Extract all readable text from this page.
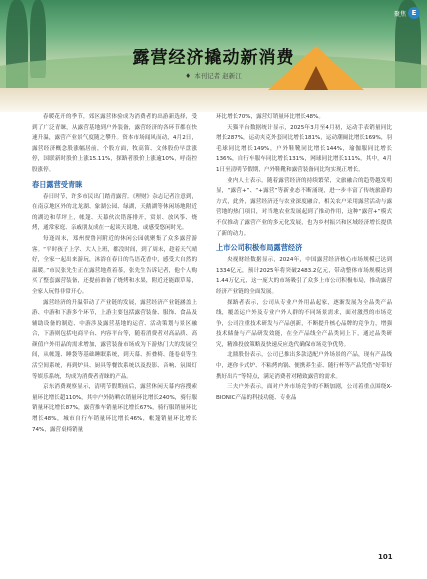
聚焦 E
露营经济撬动新消费
♦ 本刊记者 赵新江

春暖花开的季节，郊区露营体验成为消费者的出游新选择，受到了广泛青睐，从露营基地到户外装备，露营经济的各环节都在快速升温，露营产业景气度随之攀升。资本市场闻风而动，4月2日，露营经济概念股涨幅居前，个股方面，牧高笛、文体股份早盘涨停，国联新时股价上涨15.11%，探路者股价上涨逾10%，呼南控股涨停。

春日露营受青睐

春日时节，许多市民出门踏青露营。《理财》杂志记者注意到，在南京地区外的北龙湖、象湖公园、绿湖，天鹅湖等休闲场地附近的湖边和草坪上，帐篷、天幕伙次错落排开，赏景、放风筝、烧烤，通常家庭、亲戚朋友成在一起谈天说地，或感受悠闲时光。

每逢周末，郑州贾鲁河附近的休闲公园就聚集了众多露营游客。“平时孩子上学、大人上班，都没时间，到了周末，趁着天气晴好，全家一起出来游玩，沐浴在春日的鸟语花香中，感受大自然的温暖。”市民张先生正在露营地煮着茶，张先生告诉记者，他个人购买了整套露营装备，还提前准备了烧烤和水果，附近还能跟草莓，全家人玩得非常开心。

露营经济的升温带动了产业链的发展，露营经济产业链涵盖上游、中游和下游多个环节，上游主要包括露营装备、服饰、食品及辅助设备的制造、中游涉及露营基地的运营、活动策划与景区融合，下游则包括电商平台、内容平台等，随着消费者对高品质、高颜值户外用品的需求增加，露营装备市场成为下游热门大的发展空间，从帐篷、睡袋等基础睡眠系统，到天幕、折叠椅、蓬卷桌等生活空间系统，再到炉具、厨具等餐饮系统以及投影、音响、氛围灯等娱乐系统，均成为消费者青睐的产品。

京东消费观察显示，清明节假期前后，露营休闲天幕内容搜索量环比增长超110%，其中户外防晒衣销量环比增长240%，骑行服销量环比增长87%，露营推车销量环比增长67%，骑行服销量环比增长48%，城市自行车销量环比增长46%，帐篷销量环比增长74%，露营桌椅销量

环比增长70%，露营灯销量环比增长48%。

天猫平台数据统计显示，2025年3月至4月初，运动手表销量同比增长287%，运动夹克外套同比增长181%，运动潮阔比增长169%，羽毛球同比增长149%，户外鞋靴同比增长144%，瑜伽服同比增长136%，自行车服车同比增长131%，网球同比增长111%，其中，4月1日至清明节假期，户外鞋靴和露营装备同比均实现正增长。

业内人士表示，随着露营经济的持续繁荣，文旅融合的趋势越发明显，“露营+”、“+露营”等新业态不断涌现，进一步丰富了传统旅游的方式，此外，露营经济还与农业深度融合，相关农户采用露营活动与露营地的热门项目，对当地农业发展起到了推动作用，这种“露营+”模式不仅推动了露营产业的多元化发展，也为乡村振兴和区域经济增长提供了新的动力。

上市公司积极布局露营经济

央视财经数据显示，2024年，中国露营经济核心市场规模已达到1334亿元，预计2025年将突破2483.2亿元，带动整体市场规模达到1.44万亿元，这一庞大的市场吸引了众多上市公司积极布局，推动露营经济产业链的全面发展。

探路者表示，公司从专业户外用品起家，逐渐发展为全品类产品线，覆盖运户外及专业户外人群的不同场景需求，面对激烈的市场竞争，公司注重技术研发与产品创新，不断提升核心品牌的竞争力，增强技术储备与产品研发效能，在全产品线全产品类同上下，通过品类研究，精准投放策略及快速反应迭代确保市场竞争优势。

北鼎股份表示，公司已推出多款适配户外场景的产品，现有产品线中，逐你卡式炉、不粘烤肉锅、便携养生壶、随行杯等产品凭借“好带好携好出片”等特点，满足消费者对精致露营的需求。

三夫户外表示，面对户外市场竞争的不断加剧，公司着重点围绕X-BIONIC产品的科技功能、专业品

101
